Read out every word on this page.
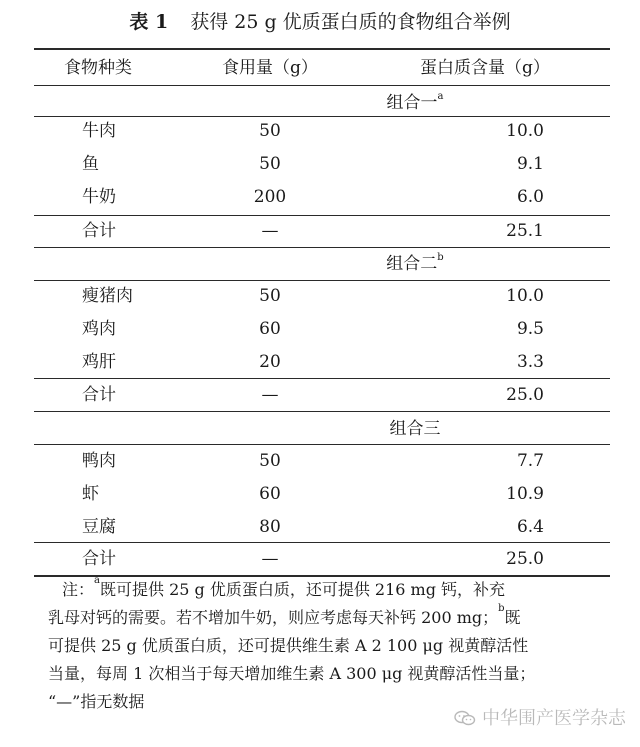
表 1 获得 25 g 优质蛋白质的食物组合举例
食物种类	食用量（g）	蛋白质含量（g）
组合一$^a$
牛肉	50	10.0
鱼	50	9.1
牛奶	200	6.0
合计	—	25.1
组合二$^b$
瘦猪肉	50	10.0
鸡肉	60	9.5
鸡肝	20	3.3
合计	—	25.0
组合三
鸭肉	50	7.7
虾	60	10.9
豆腐	80	6.4
合计	—	25.0
注：$^a$既可提供 25 g 优质蛋白质，还可提供 216 mg 钙，补充
乳母对钙的需要。若不增加牛奶，则应考虑每天补钙 200 mg；$^b$既
可提供 25 g 优质蛋白质，还可提供维生素 A 2 100 μg 视黄醇活性
当量，每周 1 次相当于每天增加维生素 A 300 μg 视黄醇活性当量；
“—”指无数据
中华围产医学杂志
